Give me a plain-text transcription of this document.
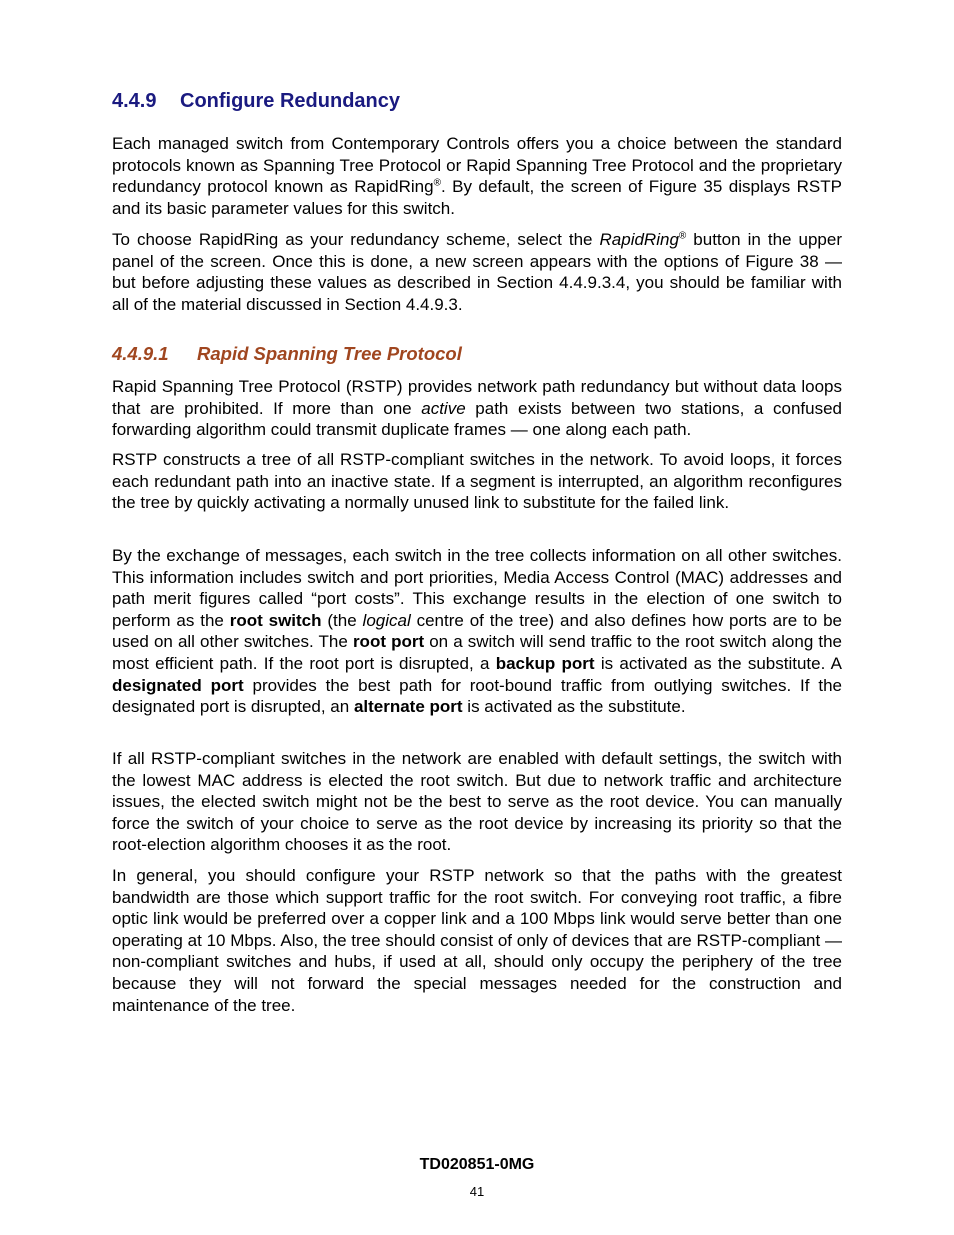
4.4.9 Configure Redundancy

Each managed switch from Contemporary Controls offers you a choice between the standard protocols known as Spanning Tree Protocol or Rapid Spanning Tree Protocol and the proprietary redundancy protocol known as RapidRing®. By default, the screen of Figure 35 displays RSTP and its basic parameter values for this switch.

To choose RapidRing as your redundancy scheme, select the RapidRing® button in the upper panel of the screen. Once this is done, a new screen appears with the options of Figure 38 — but before adjusting these values as described in Section 4.4.9.3.4, you should be familiar with all of the material discussed in Section 4.4.9.3.

4.4.9.1 Rapid Spanning Tree Protocol

Rapid Spanning Tree Protocol (RSTP) provides network path redundancy but without data loops that are prohibited. If more than one active path exists between two stations, a confused forwarding algorithm could transmit duplicate frames — one along each path.

RSTP constructs a tree of all RSTP-compliant switches in the network. To avoid loops, it forces each redundant path into an inactive state. If a segment is interrupted, an algorithm reconfigures the tree by quickly activating a normally unused link to substitute for the failed link.

By the exchange of messages, each switch in the tree collects information on all other switches. This information includes switch and port priorities, Media Access Control (MAC) addresses and path merit figures called “port costs”. This exchange results in the election of one switch to perform as the root switch (the logical centre of the tree) and also defines how ports are to be used on all other switches. The root port on a switch will send traffic to the root switch along the most efficient path. If the root port is disrupted, a backup port is activated as the substitute. A designated port provides the best path for root-bound traffic from outlying switches. If the designated port is disrupted, an alternate port is activated as the substitute.

If all RSTP-compliant switches in the network are enabled with default settings, the switch with the lowest MAC address is elected the root switch. But due to network traffic and architecture issues, the elected switch might not be the best to serve as the root device. You can manually force the switch of your choice to serve as the root device by increasing its priority so that the root-election algorithm chooses it as the root.

In general, you should configure your RSTP network so that the paths with the greatest bandwidth are those which support traffic for the root switch. For conveying root traffic, a fibre optic link would be preferred over a copper link and a 100 Mbps link would serve better than one operating at 10 Mbps. Also, the tree should consist of only of devices that are RSTP-compliant — non-compliant switches and hubs, if used at all, should only occupy the periphery of the tree because they will not forward the special messages needed for the construction and maintenance of the tree.

TD020851-0MG
41
